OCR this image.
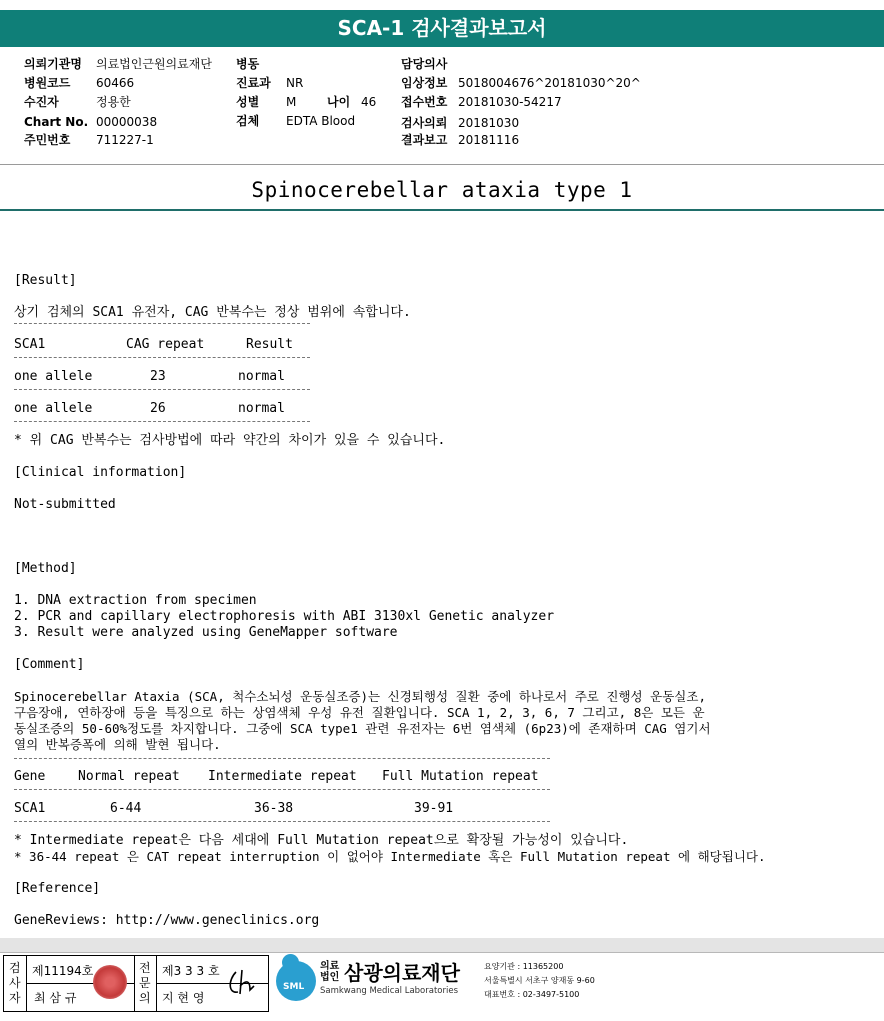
SCA-1 검사결과보고서
의뢰기관명 의료법인근원의료재단
병원코드 60466
수진자	정용한
Chart No. 00000038
주민번호 711227-1
병동
진료과 NR
성별 M	나이 46
검체 EDTA Blood
담당의사
임상정보 5018004676^20181030^20^
접수번호 20181030-54217
검사의뢰 20181030
결과보고 20181116
Spinocerebellar ataxia type 1
[Result]
상기 검체의 SCA1 유전자, CAG 반복수는 정상 범위에 속합니다.
SCA1	CAG repeat	Result
one allele	23	normal
one allele	26	normal
* 위 CAG 반복수는 검사방법에 따라 약간의 차이가 있을 수 있습니다.
[Clinical information]
Not-submitted
[Method]
1. DNA extraction from specimen
2. PCR and capillary electrophoresis with ABI 3130xl Genetic analyzer
3. Result were analyzed using GeneMapper software
[Comment]
Spinocerebellar Ataxia (SCA, 척수소뇌성 운동실조증)는 신경퇴행성 질환 중에 하나로서 주로 진행성 운동실조,
구음장애, 연하장애 등을 특징으로 하는 상염색체 우성 유전 질환입니다. SCA 1, 2, 3, 6, 7 그리고, 8은 모든 운
동실조증의 50-60%정도를 차지합니다. 그중에 SCA type1 관련 유전자는 6번 염색체 (6p23)에 존재하며 CAG 염기서
열의 반복증폭에 의해 발현 됩니다.
Gene	Normal repeat Intermediate repeat Full Mutation repeat
SCA1	6-44	36-38	39-91
* Intermediate repeat은 다음 세대에 Full Mutation repeat으로 확장될 가능성이 있습니다.
* 36-44 repeat 은 CAT repeat interruption 이 없어야 Intermediate 혹은 Full Mutation repeat 에 해당됩니다.
[Reference]
GeneReviews: http://www.geneclinics.org
검
사
자
제11194호
최 삼 규
전
문
의
제3 3 3 호
지 현 영
SML
의료
법인 삼광의료재단
Samkwang Medical Laboratories
요양기관 : 11365200
서울특별시 서초구 양재동 9-60
대표번호 : 02-3497-5100
